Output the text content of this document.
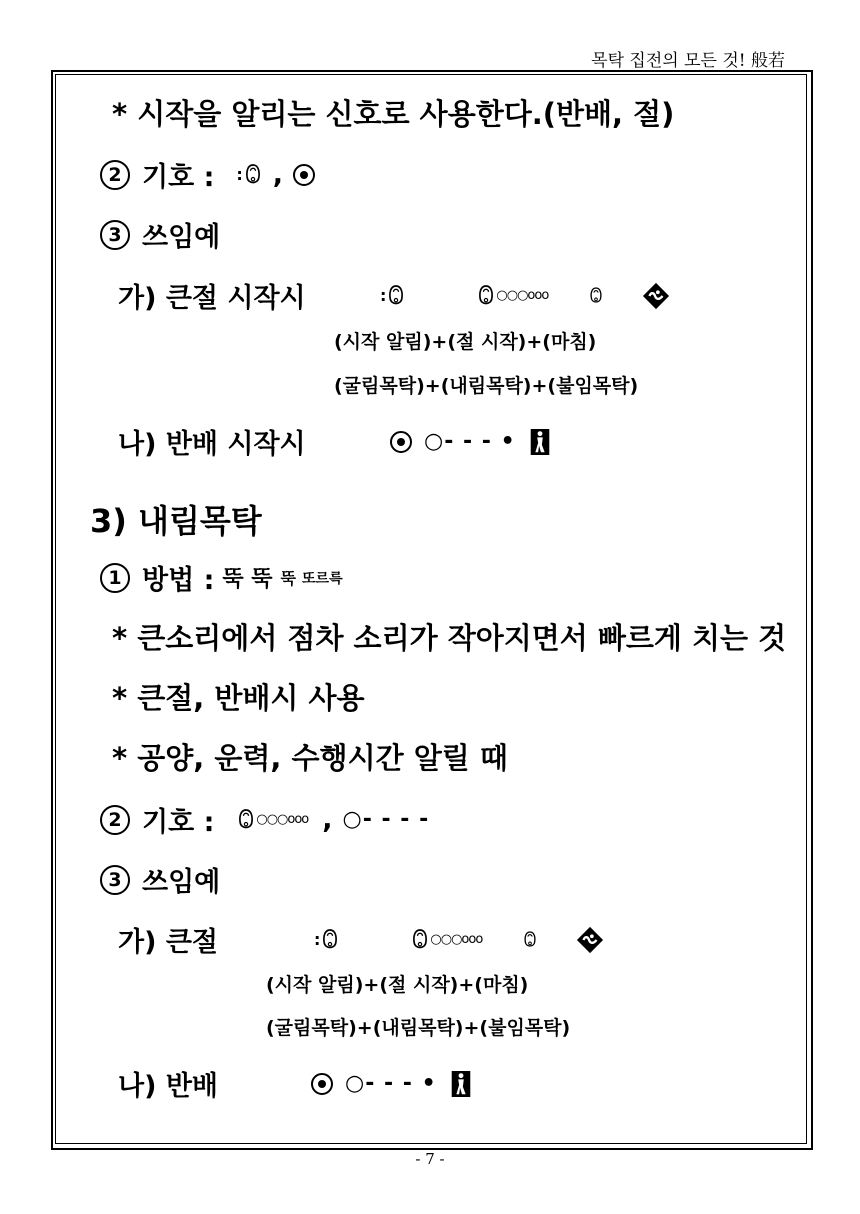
목탁 집전의 모든 것! 般若
* 시작을 알리는 신호로 사용한다.(반배, 절)
2 기호 : : ,
3 쓰임예
가) 큰절 시작시	:	○○○ooo
(시작 알림)+(절 시작)+(마침)
(굴림목탁)+(내림목탁)+(불임목탁)
나) 반배 시작시	○- - - •
3) 내림목탁
1 방법 : 뚝 뚝 뚝 또르륵
* 큰소리에서 점차 소리가 작아지면서 빠르게 치는 것
* 큰절, 반배시 사용
* 공양, 운력, 수행시간 알릴 때
2 기호 :	○○○ooo , ○- - - -
3 쓰임예
가) 큰절	:	○○○ooo
(시작 알림)+(절 시작)+(마침)
(굴림목탁)+(내림목탁)+(불임목탁)
나) 반배	○- - - •
- 7 -
